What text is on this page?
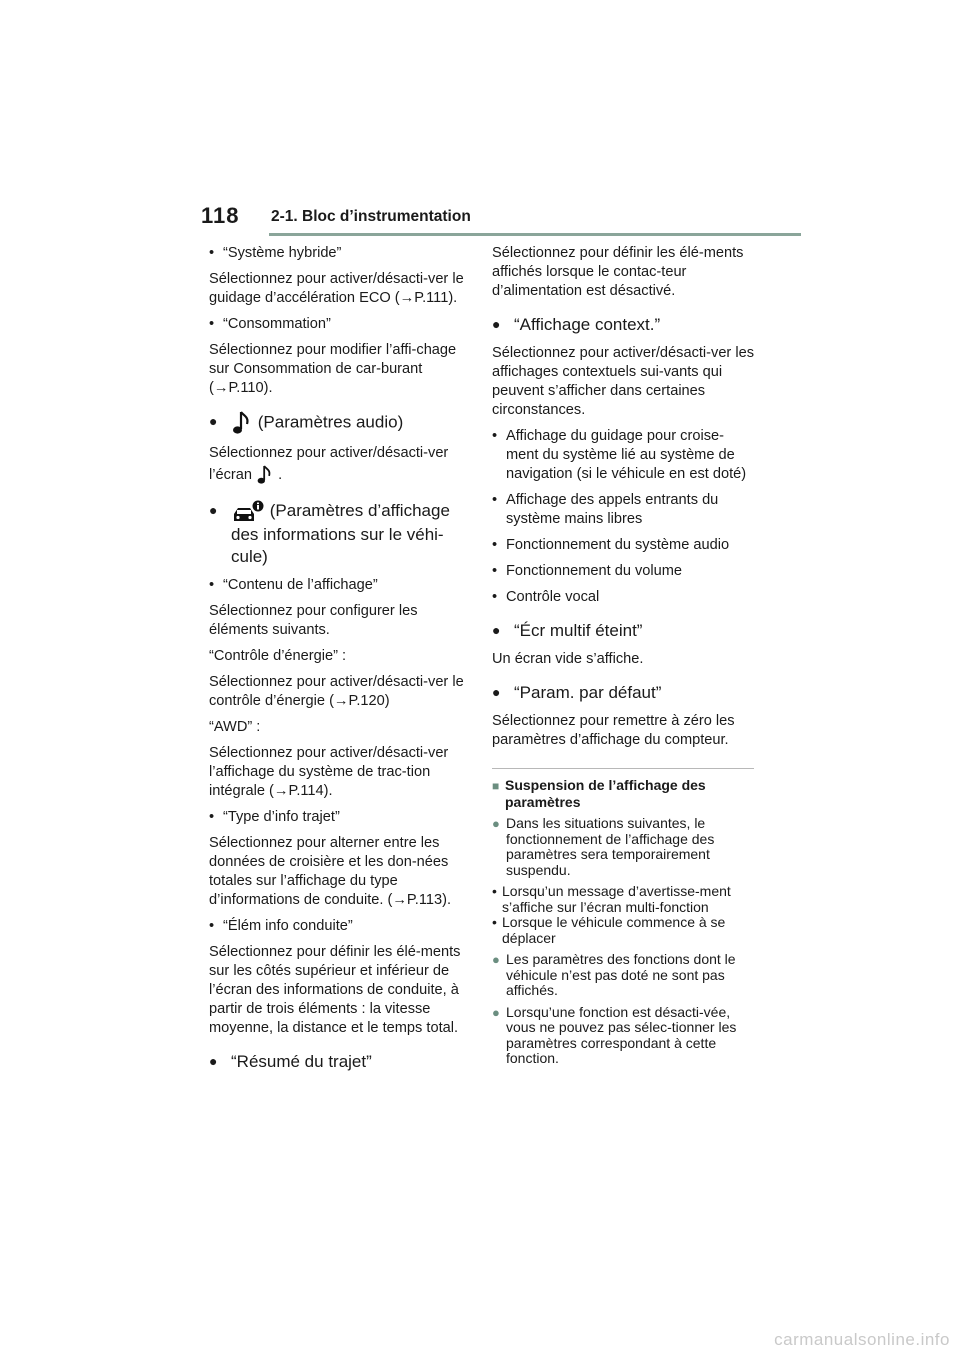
118 2-1. Bloc d’instrumentation

• “Système hybride”

Sélectionnez pour activer/désacti-ver le guidage d’accélération ECO (→P.111).

• “Consommation”

Sélectionnez pour modifier l’affi-chage sur Consommation de car-burant (→P.110).

● (Paramètres audio)

Sélectionnez pour activer/désacti-ver l’écran .

●	(Paramètres d’affichage des informations sur le véhi-cule)

• “Contenu de l’affichage”

Sélectionnez pour configurer les éléments suivants.

“Contrôle d’énergie” :

Sélectionnez pour activer/désacti-ver le contrôle d’énergie (→P.120)

“AWD” :

Sélectionnez pour activer/désacti-ver l’affichage du système de trac-tion intégrale (→P.114).

• “Type d’info trajet”

Sélectionnez pour alterner entre les données de croisière et les don-nées totales sur l’affichage du type d’informations de conduite. (→P.113).

• “Élém info conduite”

Sélectionnez pour définir les élé-ments sur les côtés supérieur et inférieur de l’écran des informations de conduite, à partir de trois éléments : la vitesse moyenne, la distance et le temps total.

● “Résumé du trajet”

Sélectionnez pour définir les élé-ments affichés lorsque le contac-teur d’alimentation est désactivé.

● “Affichage context.”

Sélectionnez pour activer/désacti-ver les affichages contextuels sui-vants qui peuvent s’afficher dans certaines circonstances.

• Affichage du guidage pour croise-ment du système lié au système de navigation (si le véhicule en est doté)

• Affichage des appels entrants du système mains libres

• Fonctionnement du système audio

• Fonctionnement du volume

• Contrôle vocal

● “Écr multif éteint”

Un écran vide s’affiche.

● “Param. par défaut”

Sélectionnez pour remettre à zéro les paramètres d’affichage du compteur.

■ Suspension de l’affichage des paramètres
● Dans les situations suivantes, le fonctionnement de l’affichage des paramètres sera temporairement suspendu.
• Lorsqu’un message d’avertisse-ment s’affiche sur l’écran multi-fonction
• Lorsque le véhicule commence à se déplacer
● Les paramètres des fonctions dont le véhicule n’est pas doté ne sont pas affichés.
● Lorsqu’une fonction est désacti-vée, vous ne pouvez pas sélec-tionner les paramètres correspondant à cette fonction.
carmanualsonline.info
